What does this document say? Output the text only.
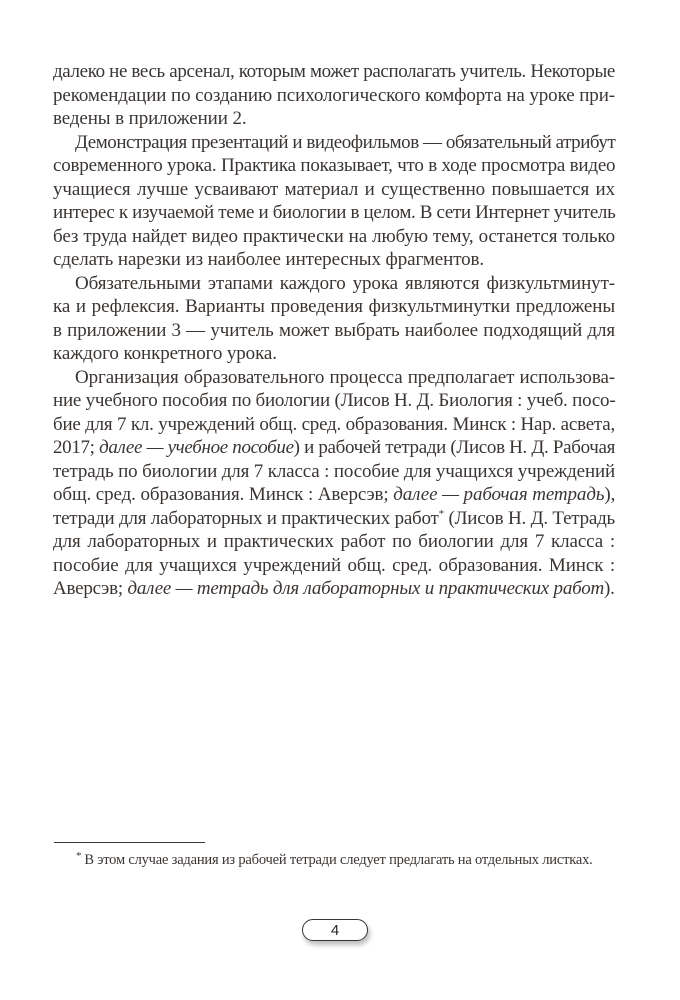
далеко не весь арсенал, которым может располагать учитель. Некоторые
рекомендации по созданию психологического комфорта на уроке при-
ведены в приложении 2.

Демонстрация презентаций и видеофильмов — обязательный атрибут
современного урока. Практика показывает, что в ходе просмотра видео
учащиеся лучше усваивают материал и существенно повышается их
интерес к изучаемой теме и биологии в целом. В сети Интернет учитель
без труда найдет видео практически на любую тему, останется только
сделать нарезки из наиболее интересных фрагментов.

Обязательными этапами каждого урока являются физкультминут-
ка и рефлексия. Варианты проведения физкультминутки предложены
в приложении 3 — учитель может выбрать наиболее подходящий для
каждого конкретного урока.

Организация образовательного процесса предполагает использова-
ние учебного пособия по биологии (Лисов Н. Д. Биология : учеб. посо-
бие для 7 кл. учреждений общ. сред. образования. Минск : Нар. асвета,
2017; далее — учебное пособие) и рабочей тетради (Лисов Н. Д. Рабочая
тетрадь по биологии для 7 класса : пособие для учащихся учреждений
общ. сред. образования. Минск : Аверсэв; далее — рабочая тетрадь),
тетради для лабораторных и практических работ* (Лисов Н. Д. Тетрадь
для лабораторных и практических работ по биологии для 7 класса :
пособие для учащихся учреждений общ. сред. образования. Минск :
Аверсэв; далее — тетрадь для лабораторных и практических работ).

* В этом случае задания из рабочей тетради следует предлагать на отдельных листках.
4
